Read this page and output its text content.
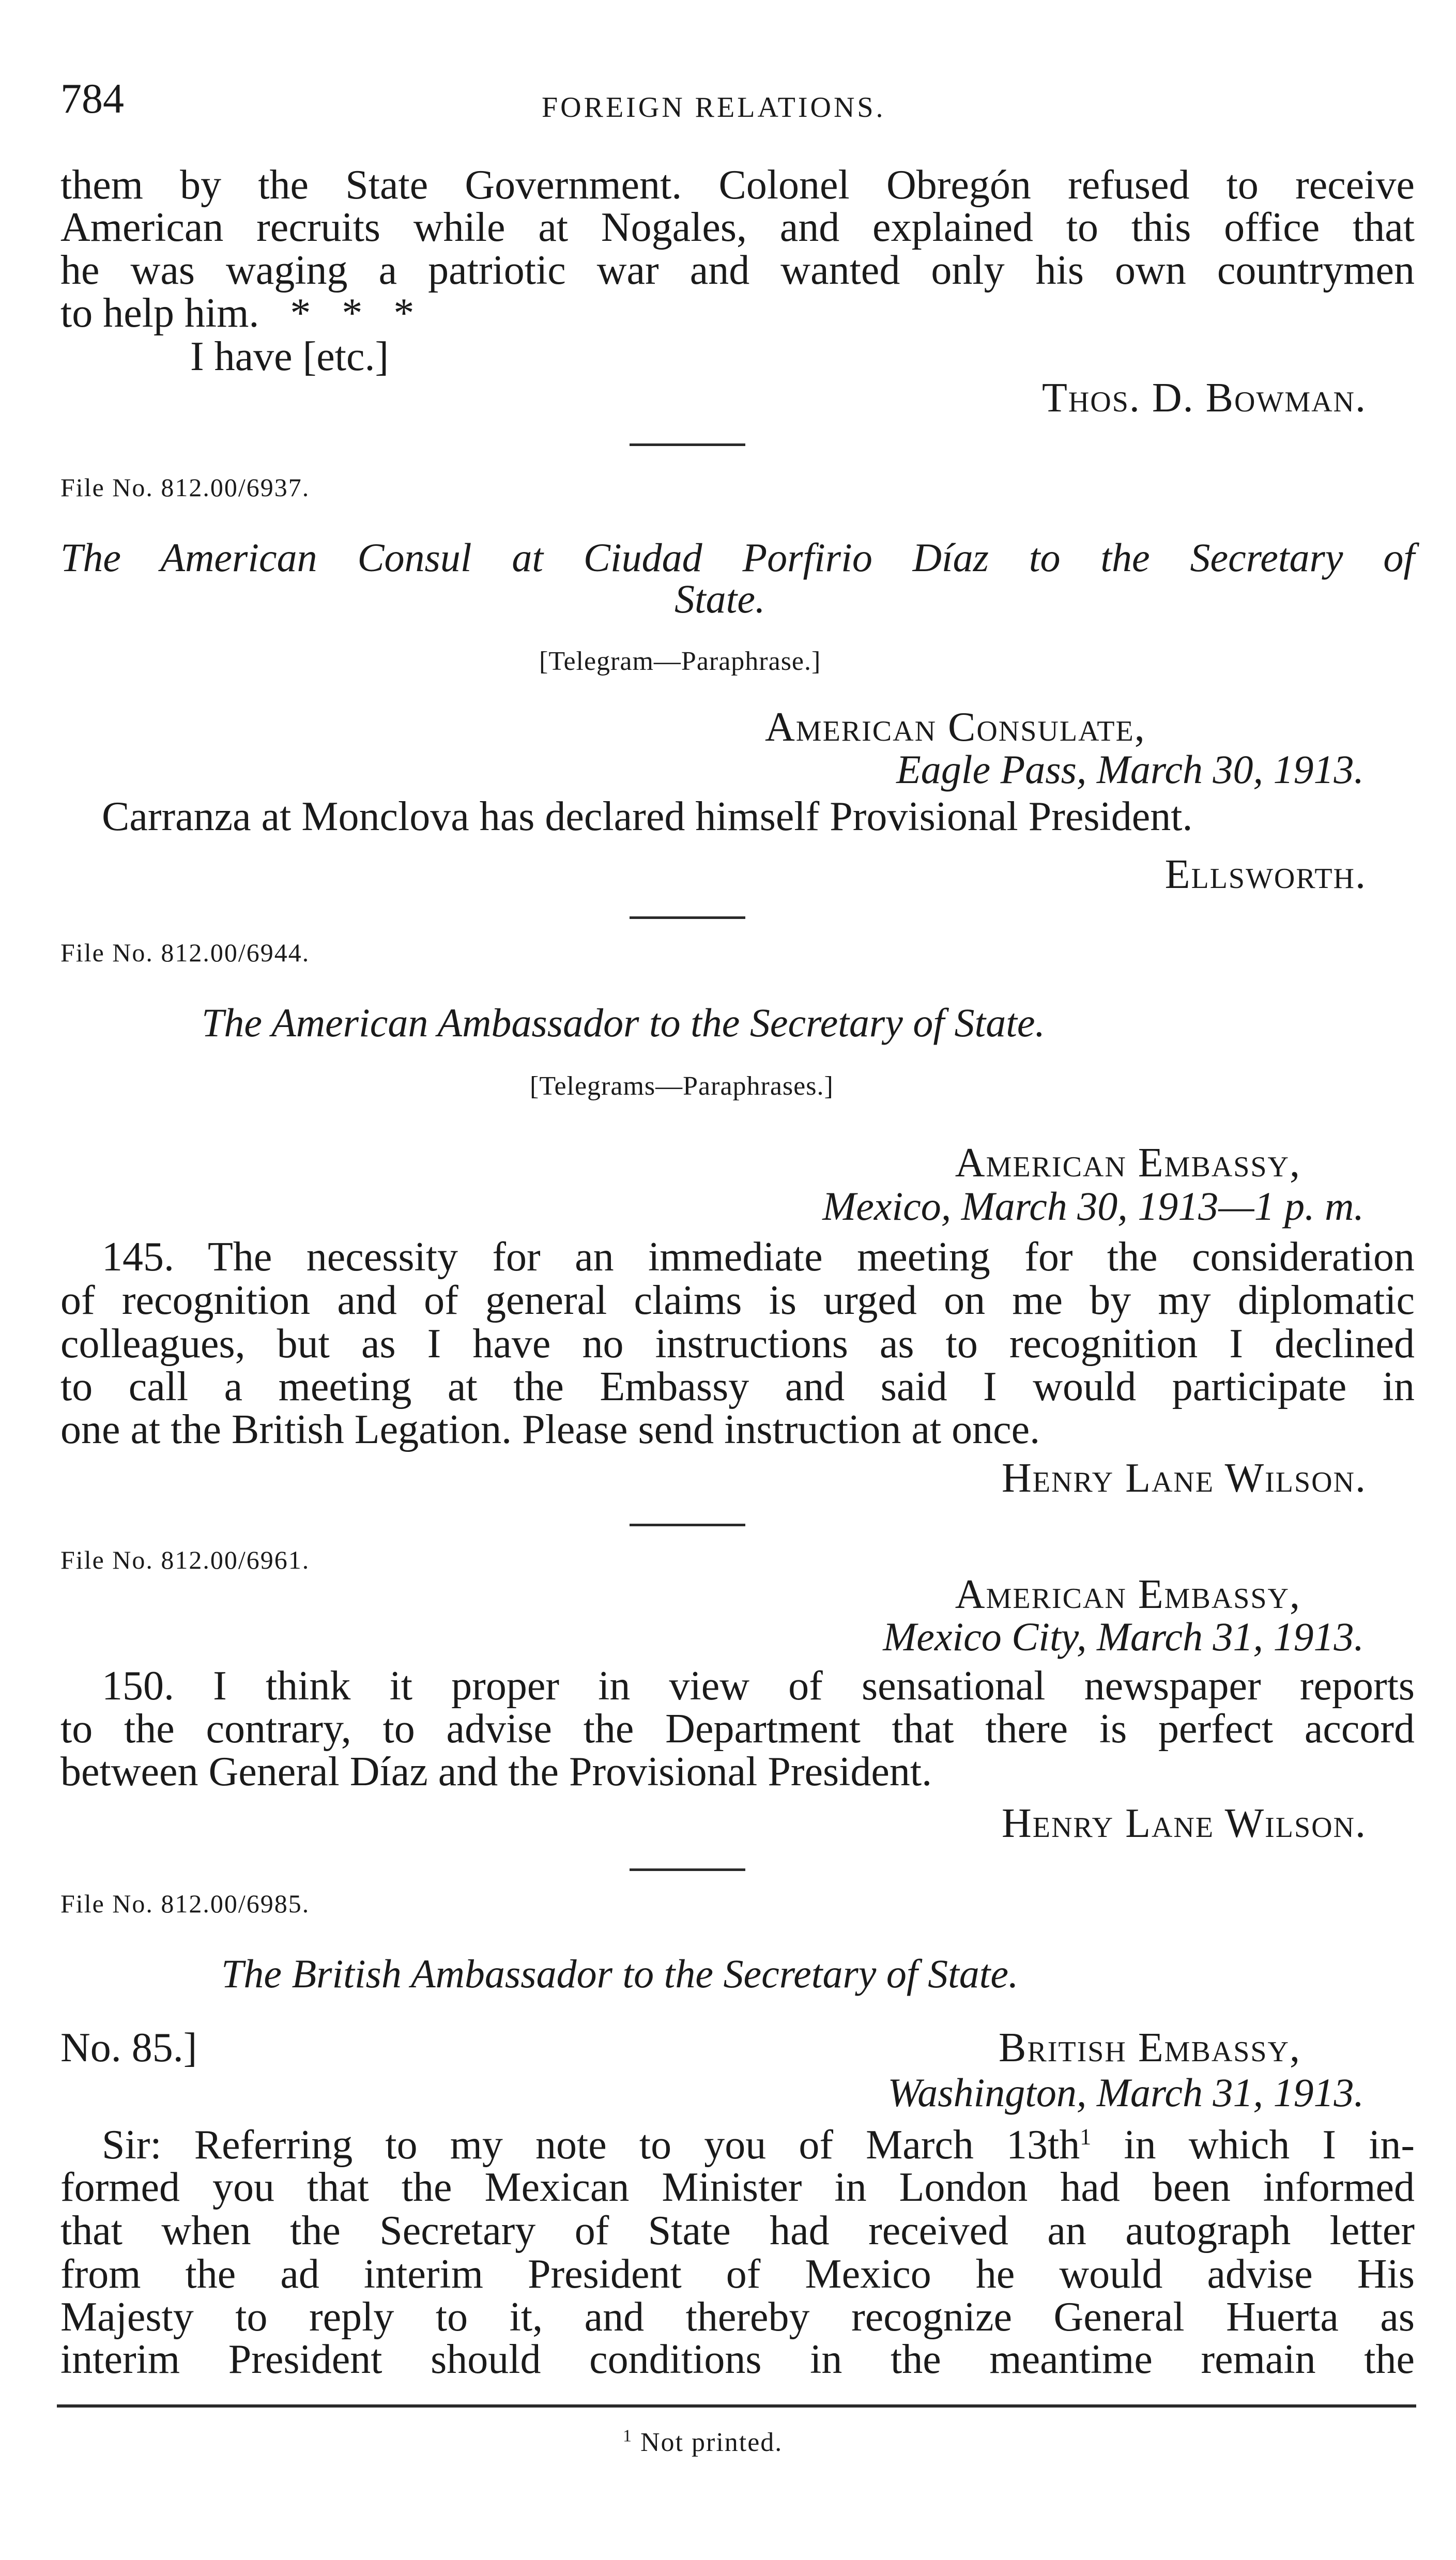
784	FOREIGN RELATIONS.
them by the State Government. Colonel Obregón refused to receive
American recruits while at Nogales, and explained to this office that
he was waging a patriotic war and wanted only his own countrymen
to help him.   *   *   *
I have [etc.]
Thos. D. Bowman.
File No. 812.00/6937.
The American Consul at Ciudad Porfirio Díaz to the Secretary of
State.
[Telegram—Paraphrase.]
American Consulate,
Eagle Pass, March 30, 1913.
Carranza at Monclova has declared himself Provisional President.
Ellsworth.
File No. 812.00/6944.
The American Ambassador to the Secretary of State.
[Telegrams—Paraphrases.]
American Embassy,
Mexico, March 30, 1913—1 p. m.
145. The necessity for an immediate meeting for the consideration
of recognition and of general claims is urged on me by my diplomatic
colleagues, but as I have no instructions as to recognition I declined
to call a meeting at the Embassy and said I would participate in
one at the British Legation. Please send instruction at once.
Henry Lane Wilson.
File No. 812.00/6961.
American Embassy,
Mexico City, March 31, 1913.
150. I think it proper in view of sensational newspaper reports
to the contrary, to advise the Department that there is perfect accord
between General Díaz and the Provisional President.
Henry Lane Wilson.
File No. 812.00/6985.
The British Ambassador to the Secretary of State.
No. 85.]	British Embassy,
Washington, March 31, 1913.
Sir: Referring to my note to you of March $13th^1$ in which I in-
formed you that the Mexican Minister in London had been informed
that when the Secretary of State had received an autograph letter
from the ad interim President of Mexico he would advise His
Majesty to reply to it, and thereby recognize General Huerta as
interim President should conditions in the meantime remain the
$^1$ Not printed.
